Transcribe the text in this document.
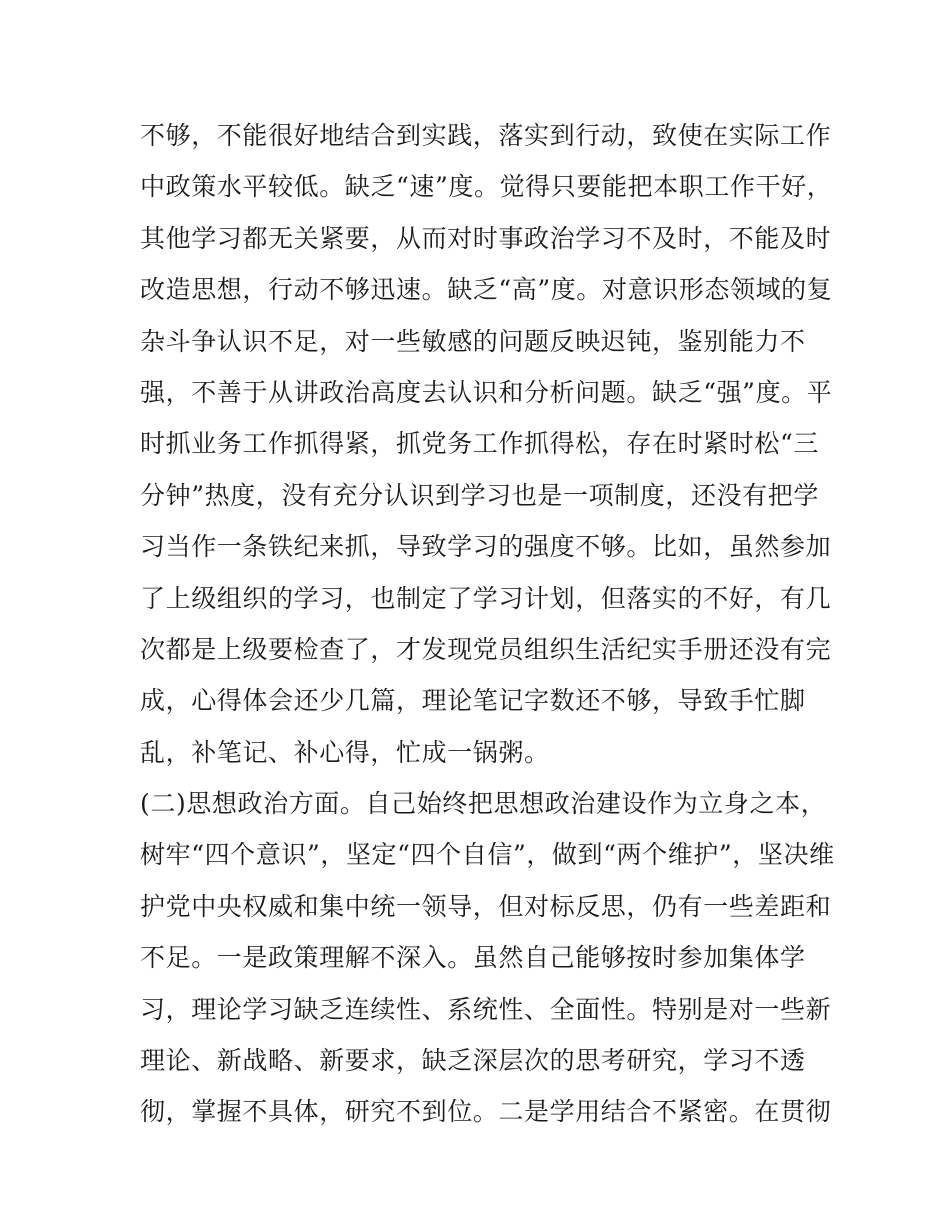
不够，不能很好地结合到实践，落实到行动，致使在实际工作
中政策水平较低。缺乏“速”度。觉得只要能把本职工作干好，
其他学习都无关紧要，从而对时事政治学习不及时，不能及时
改造思想，行动不够迅速。缺乏“高”度。对意识形态领域的复
杂斗争认识不足，对一些敏感的问题反映迟钝，鉴别能力不
强，不善于从讲政治高度去认识和分析问题。缺乏“强”度。平
时抓业务工作抓得紧，抓党务工作抓得松，存在时紧时松“三
分钟”热度，没有充分认识到学习也是一项制度，还没有把学
习当作一条铁纪来抓，导致学习的强度不够。比如，虽然参加
了上级组织的学习，也制定了学习计划，但落实的不好，有几
次都是上级要检查了，才发现党员组织生活纪实手册还没有完
成，心得体会还少几篇，理论笔记字数还不够，导致手忙脚
乱，补笔记、补心得，忙成一锅粥。
(二)思想政治方面。自己始终把思想政治建设作为立身之本，
树牢“四个意识”，坚定“四个自信”，做到“两个维护”，坚决维
护党中央权威和集中统一领导，但对标反思，仍有一些差距和
不足。一是政策理解不深入。虽然自己能够按时参加集体学
习，理论学习缺乏连续性、系统性、全面性。特别是对一些新
理论、新战略、新要求，缺乏深层次的思考研究，学习不透
彻，掌握不具体，研究不到位。二是学用结合不紧密。在贯彻
